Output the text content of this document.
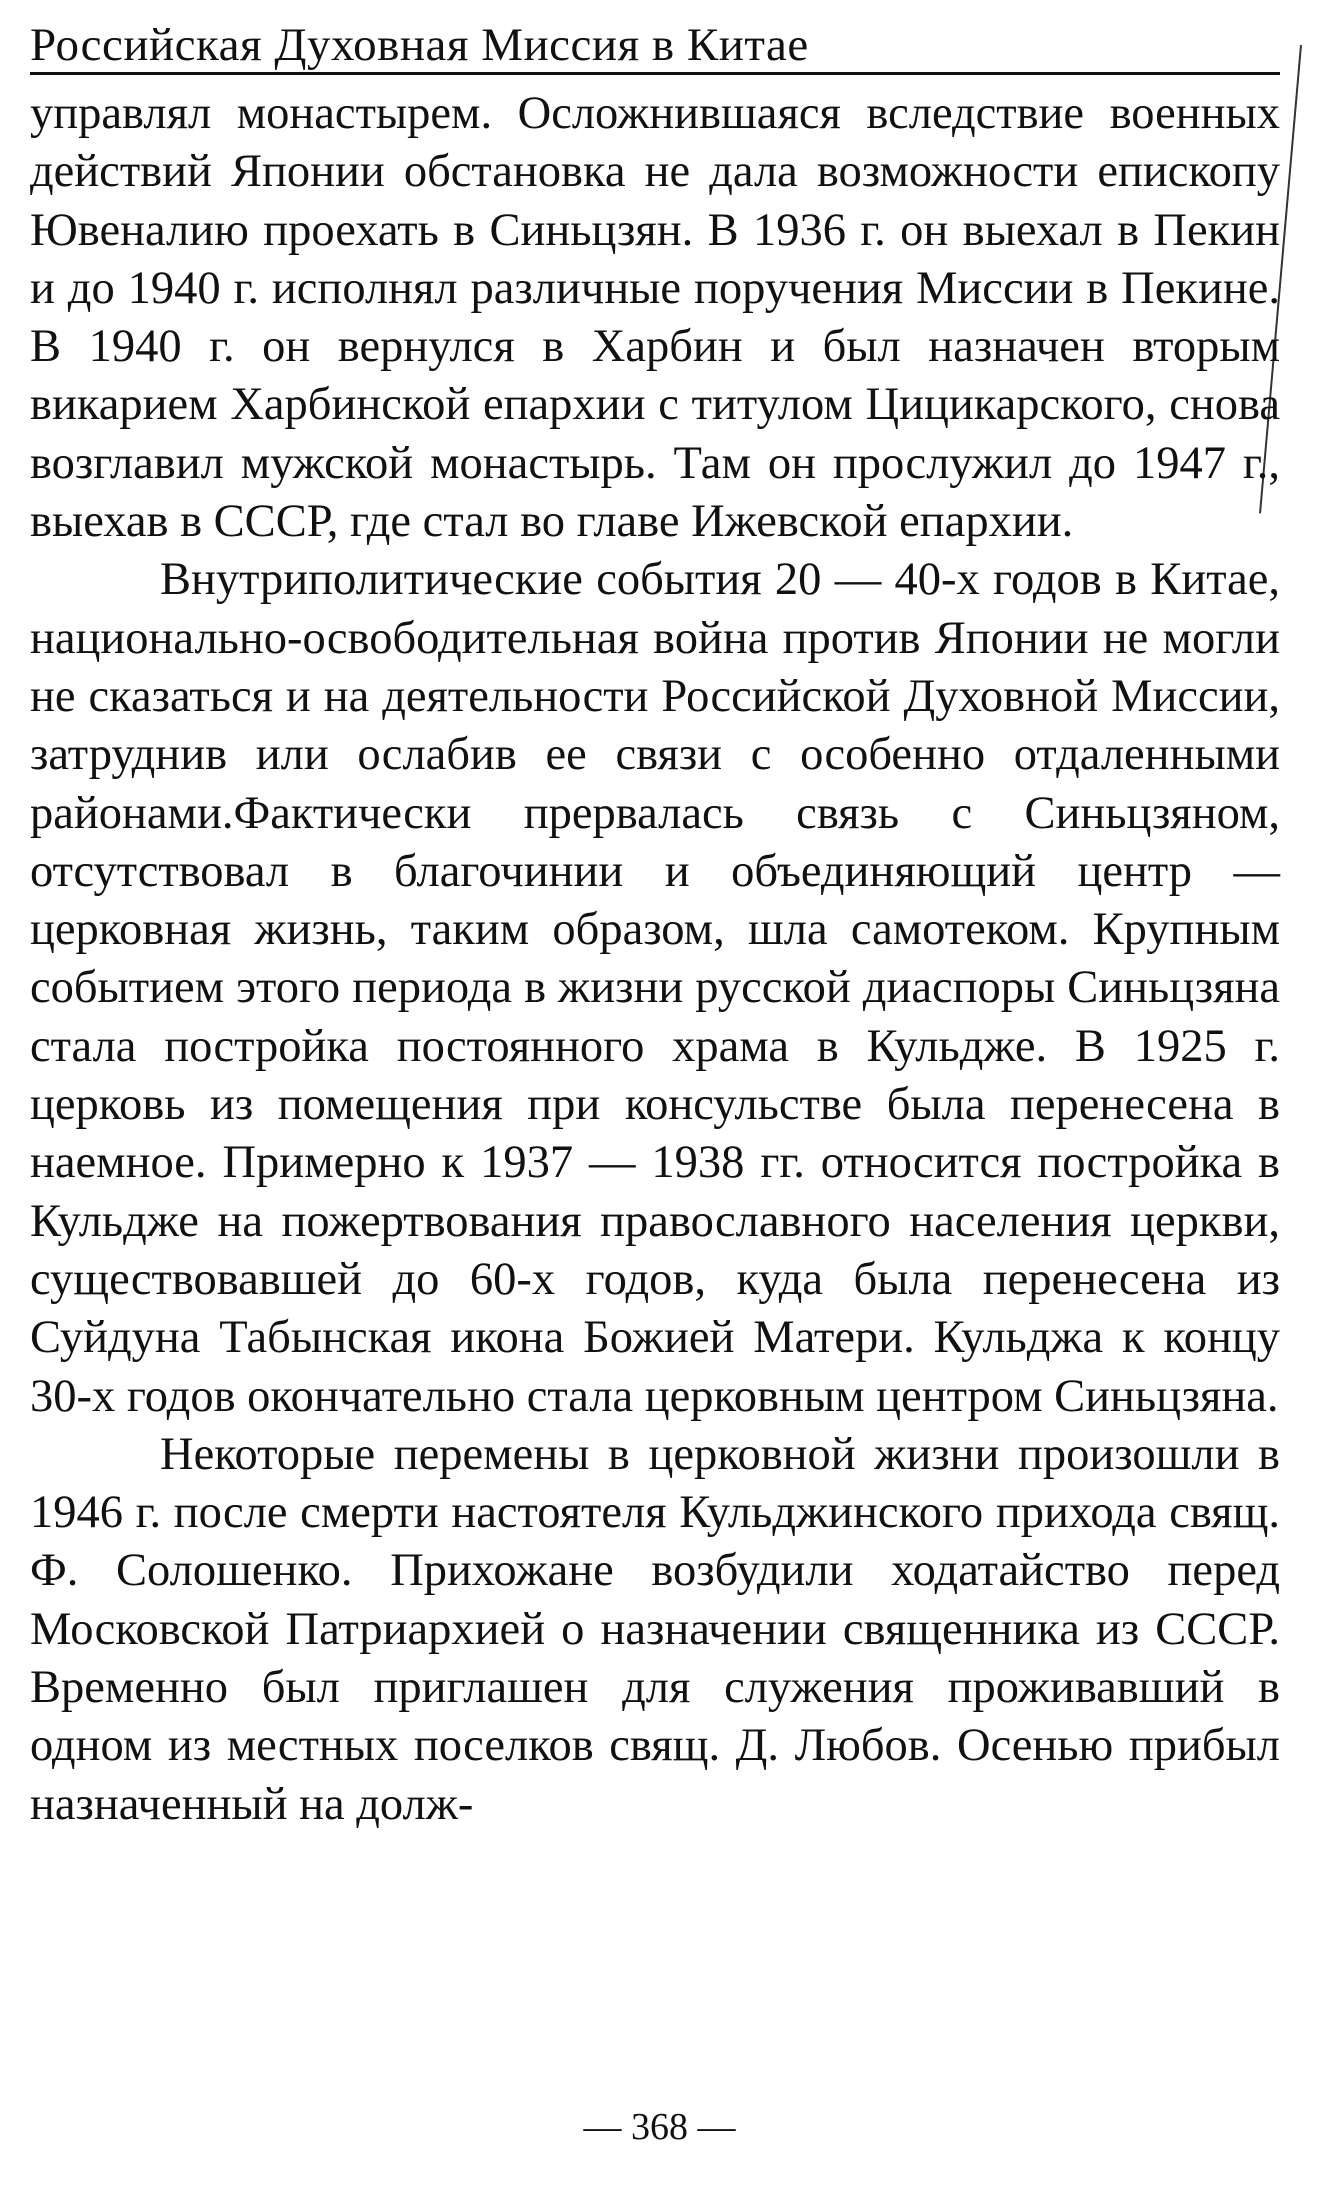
Российская Духовная Миссия в Китае

управлял монастырем. Осложнившаяся вследствие военных действий Японии обстановка не дала возможности епископу Ювеналию проехать в Синьцзян. В 1936 г. он выехал в Пекин и до 1940 г. исполнял различные поручения Миссии в Пекине. В 1940 г. он вернулся в Харбин и был назначен вторым викарием Харбинской епархии с титулом Цицикарского, снова возглавил мужской монастырь. Там он прослужил до 1947 г., выехав в СССР, где стал во главе Ижевской епархии.

Внутриполитические события 20 — 40-х годов в Китае, национально-освободительная война против Японии не могли не сказаться и на деятельности Российской Духовной Миссии, затруднив или ослабив ее связи с особенно отдаленными районами.Фактически прервалась связь с Синьцзяном, отсутствовал в благочинии и объединяющий центр — церковная жизнь, таким образом, шла самотеком. Крупным событием этого периода в жизни русской диаспоры Синьцзяна стала постройка постоянного храма в Кульдже. В 1925 г. церковь из помещения при консульстве была перенесена в наемное. Примерно к 1937 — 1938 гг. относится постройка в Кульдже на пожертвования православного населения церкви, существовавшей до 60-х годов, куда была перенесена из Суйдуна Табынская икона Божией Матери. Кульджа к концу 30-х годов окончательно стала церковным центром Синьцзяна.

Некоторые перемены в церковной жизни произошли в 1946 г. после смерти настоятеля Кульджинского прихода свящ. Ф. Солошенко. Прихожане возбудили ходатайство перед Московской Патриархией о назначении священника из СССР. Временно был приглашен для служения проживавший в одном из местных поселков свящ. Д. Любов. Осенью прибыл назначенный на долж-

— 368 —
